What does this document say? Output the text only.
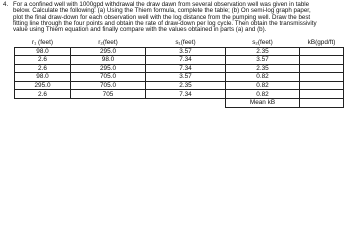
4. For a confined well with 1000gpd withdrawal the draw dawn from several observation well was given in table

below. Calculate the following: (a) Using the Thiem formula, complete the table; (b) On semi-log graph paper,

plot the final draw-down for each observation well with the log distance from the pumping well. Draw the best

fitting line through the four points and obtain the rate of draw-down per log cycle. Then obtain the transmissivity

value using Thiem equation and finally compare with the values obtained in parts (a) and (b).

r₁ (feet)	r₂(feet)	s₁(feet)	s₂(feet)	kB(gpd/ft)
98.0	295.0	3.57	2.35	
2.6	98.0	7.34	3.57	
2.6	295.0	7.34	2.35	
98.0	705.0	3.57	0.82	
295.0	705.0	2.35	0.82	
2.6	705	7.34	0.82	
			Mean kB	
